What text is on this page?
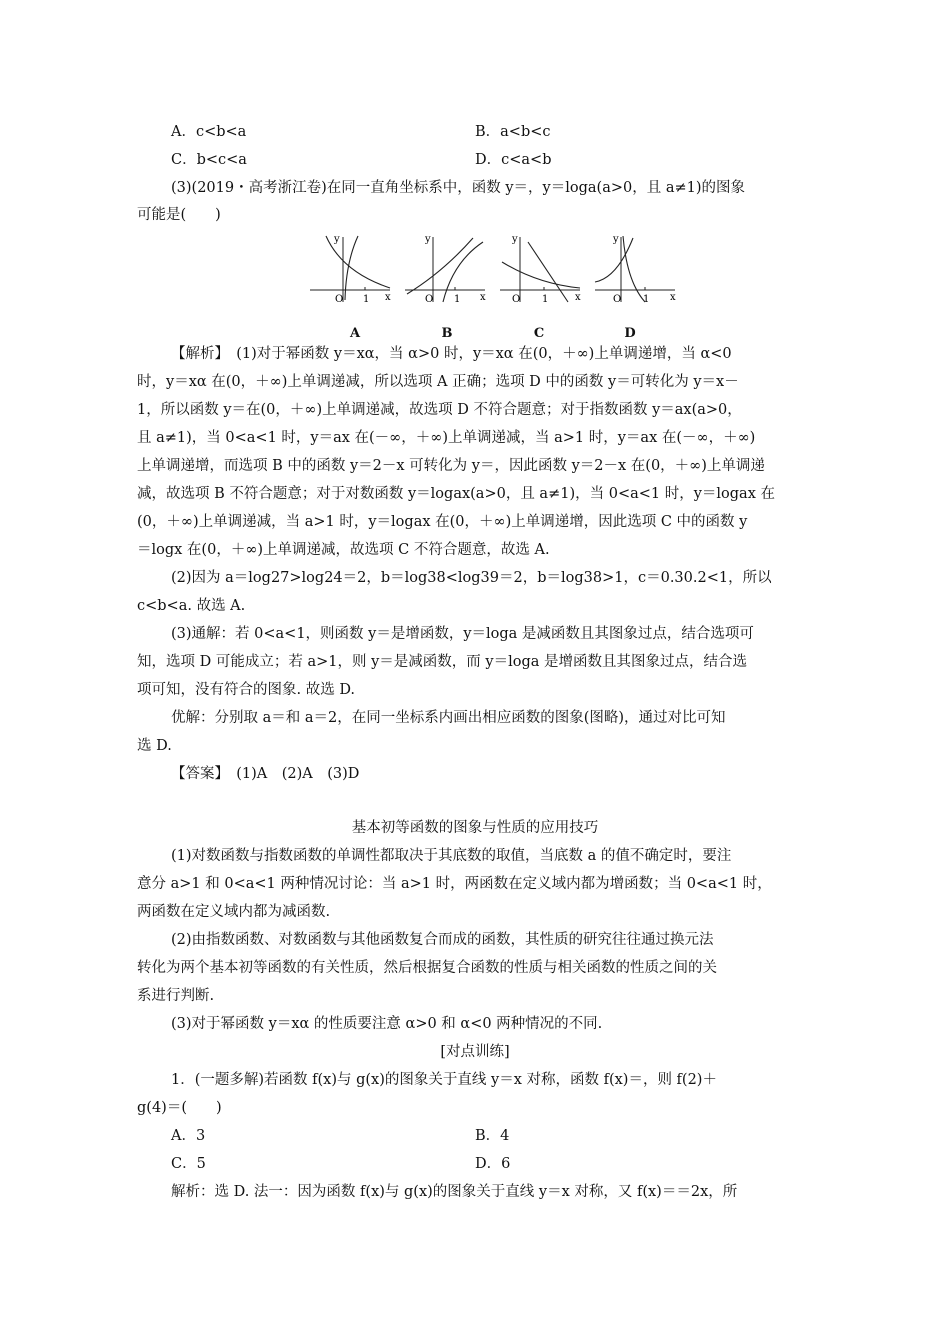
A．c<b<a	B．a<b<c
C．b<c<a	D．c<a<b
(3)(2019・高考浙江卷)在同一直角坐标系中，函数 y＝，y＝loga(a>0，且 a≠1)的图象
可能是(　　)
y
O 1 x
y
O 1 x
y
O 1	x
y
O 1 x
A	B	C	D
【解析】　(1)对于幂函数 y＝xα，当 α>0 时，y＝xα 在(0，＋∞)上单调递增，当 α<0
时，y＝xα 在(0，＋∞)上单调递减，所以选项 A 正确；选项 D 中的函数 y＝可转化为 y＝x－
1，所以函数 y＝在(0，＋∞)上单调递减，故选项 D 不符合题意；对于指数函数 y＝ax(a>0，
且 a≠1)，当 0<a<1 时，y＝ax 在(－∞，＋∞)上单调递减，当 a>1 时，y＝ax 在(－∞，＋∞)
上单调递增，而选项 B 中的函数 y＝2－x 可转化为 y＝，因此函数 y＝2－x 在(0，＋∞)上单调递
减，故选项 B 不符合题意；对于对数函数 y＝logax(a>0，且 a≠1)，当 0<a<1 时，y＝logax 在
(0，＋∞)上单调递减，当 a>1 时，y＝logax 在(0，＋∞)上单调递增，因此选项 C 中的函数 y
＝logx 在(0，＋∞)上单调递减，故选项 C 不符合题意，故选 A.
(2)因为 a＝log27>log24＝2，b＝log38<log39＝2，b＝log38>1，c＝0.30.2<1，所以
c<b<a. 故选 A.
(3)通解：若 0<a<1，则函数 y＝是增函数，y＝loga 是减函数且其图象过点，结合选项可
知，选项 D 可能成立；若 a>1，则 y＝是减函数，而 y＝loga 是增函数且其图象过点，结合选
项可知，没有符合的图象. 故选 D.
优解：分别取 a＝和 a＝2，在同一坐标系内画出相应函数的图象(图略)，通过对比可知
选 D.
【答案】　(1)A　(2)A　(3)D
基本初等函数的图象与性质的应用技巧
(1)对数函数与指数函数的单调性都取决于其底数的取值，当底数 a 的值不确定时，要注
意分 a>1 和 0<a<1 两种情况讨论：当 a>1 时，两函数在定义域内都为增函数；当 0<a<1 时，
两函数在定义域内都为减函数.
(2)由指数函数、对数函数与其他函数复合而成的函数，其性质的研究往往通过换元法
转化为两个基本初等函数的有关性质，然后根据复合函数的性质与相关函数的性质之间的关
系进行判断.
(3)对于幂函数 y＝xα 的性质要注意 α>0 和 α<0 两种情况的不同.
[对点训练]
1．(一题多解)若函数 f(x)与 g(x)的图象关于直线 y＝x 对称，函数 f(x)＝，则 f(2)＋
g(4)＝(　　)
A．3	B．4
C．5	D．6
解析：选 D. 法一：因为函数 f(x)与 g(x)的图象关于直线 y＝x 对称，又 f(x)＝＝2x，所
